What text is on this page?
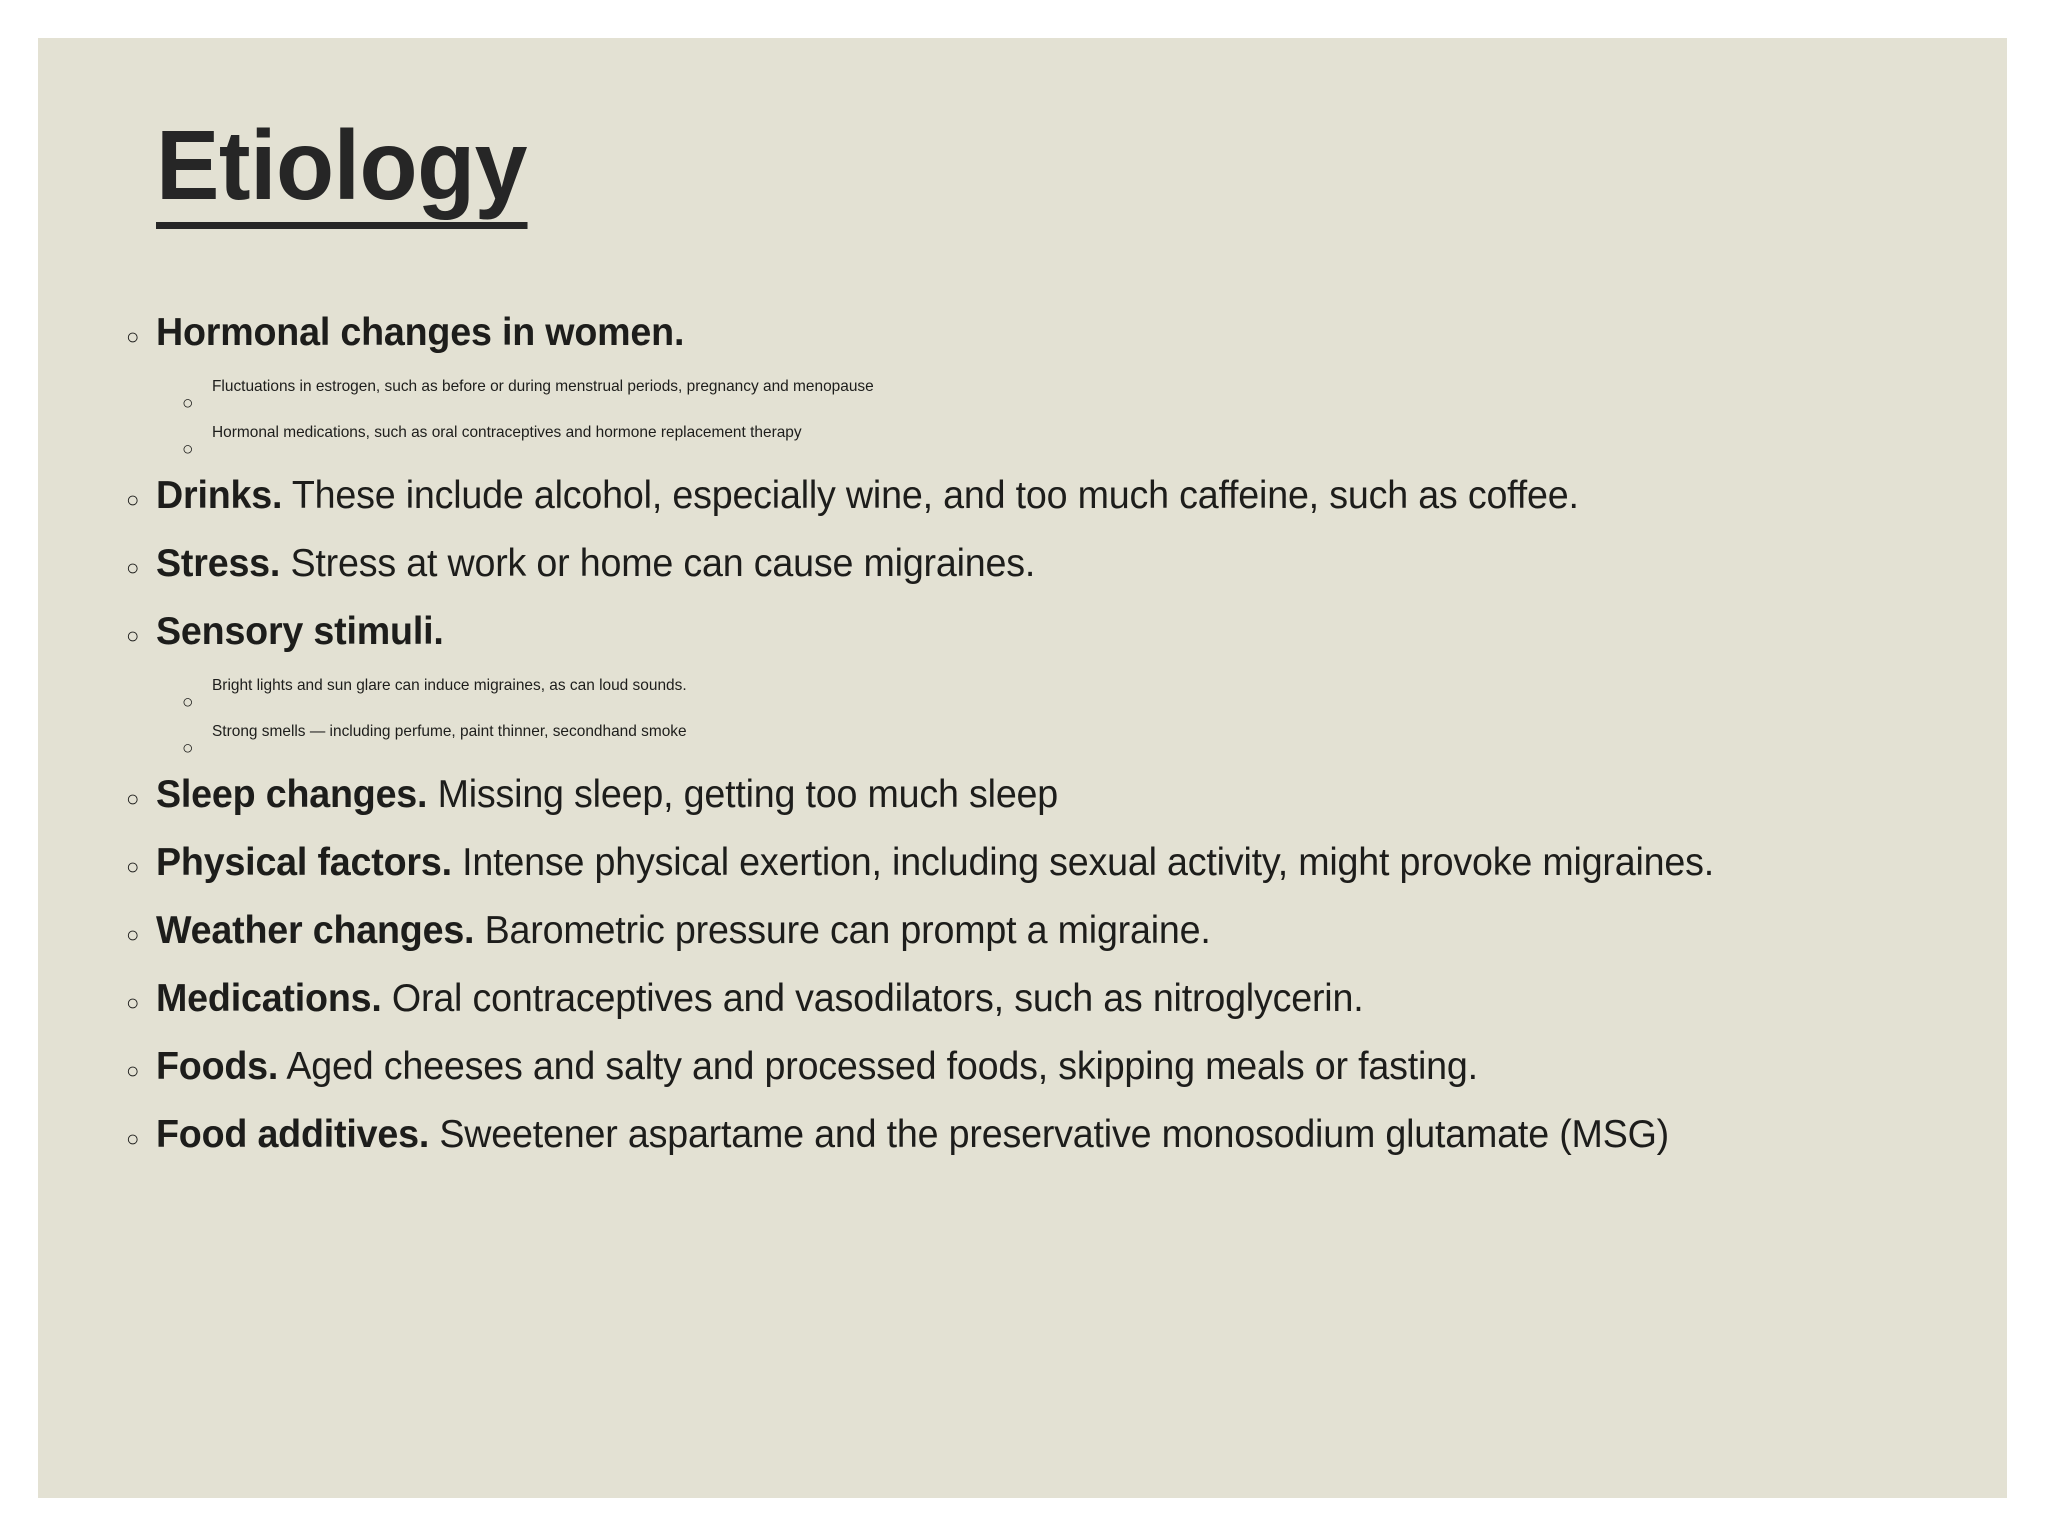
Etiology
○ Hormonal changes in women.
○
Fluctuations in estrogen, such as before or during menstrual periods, pregnancy and menopause
○
Hormonal medications, such as oral contraceptives and hormone replacement therapy
○ Drinks. These include alcohol, especially wine, and too much caffeine, such as coffee.
○ Stress. Stress at work or home can cause migraines.
○ Sensory stimuli.
○
Bright lights and sun glare can induce migraines, as can loud sounds.
○
Strong smells — including perfume, paint thinner, secondhand smoke
○ Sleep changes. Missing sleep, getting too much sleep
○ Physical factors. Intense physical exertion, including sexual activity, might provoke migraines.
○ Weather changes. Barometric pressure can prompt a migraine.
○ Medications. Oral contraceptives and vasodilators, such as nitroglycerin.
○ Foods. Aged cheeses and salty and processed foods, skipping meals or fasting.
○ Food additives. Sweetener aspartame and the preservative monosodium glutamate (MSG)
